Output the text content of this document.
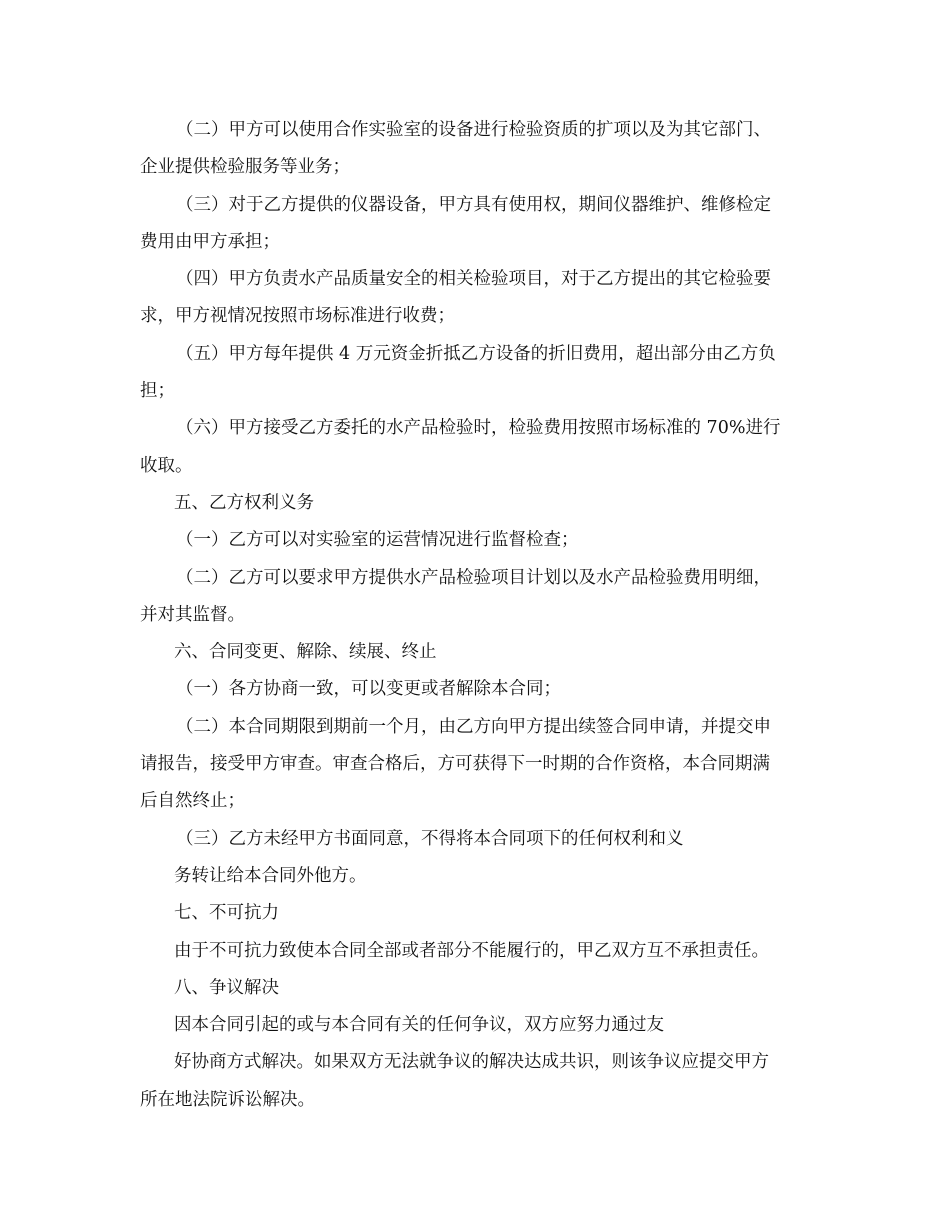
（二）甲方可以使用合作实验室的设备进行检验资质的扩项以及为其它部门、
企业提供检验服务等业务；
（三）对于乙方提供的仪器设备，甲方具有使用权，期间仪器维护、维修检定
费用由甲方承担；
（四）甲方负责水产品质量安全的相关检验项目，对于乙方提出的其它检验要
求，甲方视情况按照市场标准进行收费；
（五）甲方每年提供 4 万元资金折抵乙方设备的折旧费用，超出部分由乙方负
担；
（六）甲方接受乙方委托的水产品检验时，检验费用按照市场标准的 70%进行
收取。
五、乙方权利义务
（一）乙方可以对实验室的运营情况进行监督检查；
（二）乙方可以要求甲方提供水产品检验项目计划以及水产品检验费用明细，
并对其监督。
六、合同变更、解除、续展、终止
（一）各方协商一致，可以变更或者解除本合同；
（二）本合同期限到期前一个月，由乙方向甲方提出续签合同申请，并提交申
请报告，接受甲方审查。审查合格后，方可获得下一时期的合作资格，本合同期满
后自然终止；
（三）乙方未经甲方书面同意，不得将本合同项下的任何权利和义
务转让给本合同外他方。
七、不可抗力
由于不可抗力致使本合同全部或者部分不能履行的，甲乙双方互不承担责任。
八、争议解决
因本合同引起的或与本合同有关的任何争议，双方应努力通过友
好协商方式解决。如果双方无法就争议的解决达成共识，则该争议应提交甲方
所在地法院诉讼解决。
